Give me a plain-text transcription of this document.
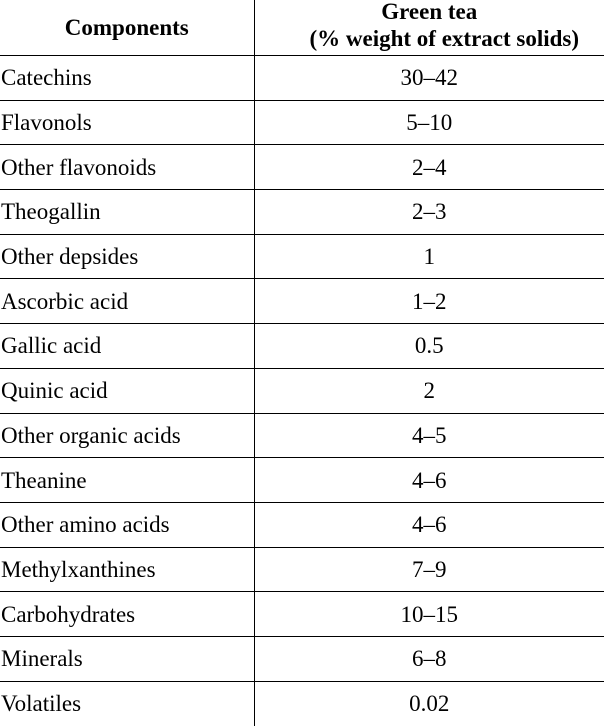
Components	Green tea
(% weight of extract solids)

Catechins	30–42
Flavonols	5–10
Other flavonoids	2–4
Theogallin	2–3
Other depsides	1
Ascorbic acid	1–2
Gallic acid	0.5
Quinic acid	2
Other organic acids	4–5
Theanine	4–6
Other amino acids	4–6
Methylxanthines	7–9
Carbohydrates	10–15
Minerals	6–8
Volatiles	0.02
